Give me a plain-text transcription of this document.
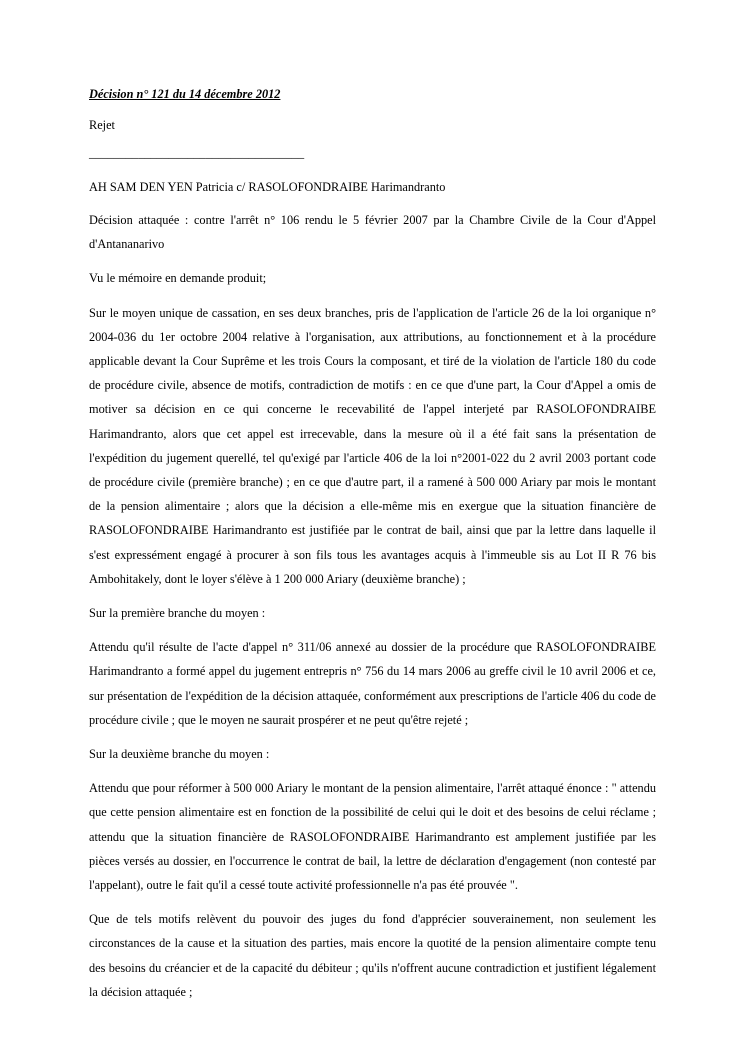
Décision n° 121 du 14 décembre 2012
Rejet
___________________________________
AH SAM DEN YEN Patricia c/ RASOLOFONDRAIBE Harimandranto
Décision attaquée : contre l'arrêt n° 106 rendu le 5 février 2007 par la Chambre Civile de la Cour d'Appel d'Antananarivo
Vu le mémoire en demande produit;
Sur le moyen unique de cassation, en ses deux branches, pris de l'application de l'article 26 de la loi organique n° 2004-036 du 1er octobre 2004 relative à l'organisation, aux attributions, au fonctionnement et à la procédure applicable devant la Cour Suprême et les trois Cours la composant, et tiré de la violation de l'article 180 du code de procédure civile, absence de motifs, contradiction de motifs : en ce que d'une part, la Cour d'Appel a omis de motiver sa décision en ce qui concerne le recevabilité de l'appel interjeté par RASOLOFONDRAIBE Harimandranto, alors que cet appel est irrecevable, dans la mesure où il a été fait sans la présentation de l'expédition du jugement querellé, tel qu'exigé par l'article 406 de la loi n°2001-022 du 2 avril 2003 portant code de procédure civile (première branche) ; en ce que d'autre part, il a ramené à 500 000 Ariary par mois le montant de la pension alimentaire ; alors que la décision a elle-même mis en exergue que la situation financière de RASOLOFONDRAIBE Harimandranto est justifiée par le contrat de bail, ainsi que par la lettre dans laquelle il s'est expressément engagé à procurer à son fils tous les avantages acquis à l'immeuble sis au Lot II R 76 bis Ambohitakely, dont le loyer s'élève à 1 200 000 Ariary (deuxième branche) ;
Sur la première branche du moyen :
Attendu qu'il résulte de l'acte d'appel n° 311/06 annexé au dossier de la procédure que RASOLOFONDRAIBE Harimandranto a formé appel du jugement entrepris n° 756 du 14 mars 2006 au greffe civil le 10 avril 2006 et ce, sur présentation de l'expédition de la décision attaquée, conformément aux prescriptions de l'article 406 du code de procédure civile ; que le moyen ne saurait prospérer et ne peut qu'être rejeté ;
Sur la deuxième branche du moyen :
Attendu que pour réformer à 500 000 Ariary le montant de la pension alimentaire, l'arrêt attaqué énonce : " attendu que cette pension alimentaire est en fonction de la possibilité de celui qui le doit et des besoins de celui réclame ; attendu que la situation financière de RASOLOFONDRAIBE Harimandranto est amplement justifiée par les pièces versés au dossier, en l'occurrence le contrat de bail, la lettre de déclaration d'engagement (non contesté par l'appelant), outre le fait qu'il a cessé toute activité professionnelle n'a pas été prouvée ".
Que de tels motifs relèvent du pouvoir des juges du fond d'apprécier souverainement, non seulement les circonstances de la cause et la situation des parties, mais encore la quotité de la pension alimentaire compte tenu des besoins du créancier et de la capacité du débiteur ; qu'ils n'offrent aucune contradiction et justifient légalement la décision attaquée ;
